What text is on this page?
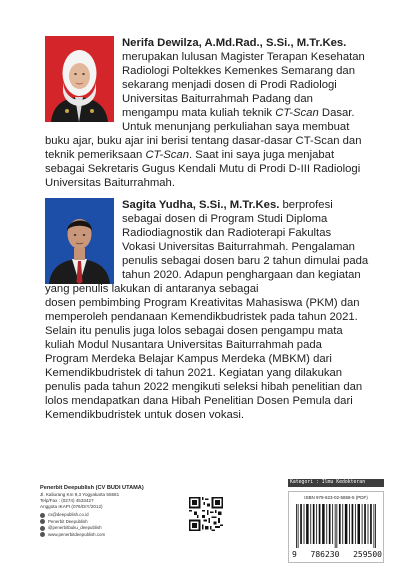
Nerifa Dewilza, A.Md.Rad., S.Si., M.Tr.Kes.
merupakan lulusan Magister Terapan Kesehatan
Radiologi Poltekkes Kemenkes Semarang dan
sekarang menjadi dosen di Prodi Radiologi
Universitas Baiturrahmah Padang dan
mengampu mata kuliah teknik CT-Scan Dasar.
Untuk menunjang perkuliahan saya membuat
buku ajar, buku ajar ini berisi tentang dasar-dasar CT-Scan dan
teknik pemeriksaan CT-Scan. Saat ini saya juga menjabat
sebagai Sekretaris Gugus Kendali Mutu di Prodi D-III Radiologi
Universitas Baiturrahmah.
Sagita Yudha, S.Si., M.Tr.Kes. berprofesi
sebagai dosen di Program Studi Diploma
Radiodiagnostik dan Radioterapi Fakultas
Vokasi Universitas Baiturrahmah. Pengalaman
penulis sebagai dosen baru 2 tahun dimulai pada
tahun 2020. Adapun penghargaan dan kegiatan
yang penulis lakukan di antaranya sebagai
dosen pembimbing Program Kreativitas Mahasiswa (PKM) dan
memperoleh pendanaan Kemendikbudristek pada tahun 2021.
Selain itu penulis juga lolos sebagai dosen pengampu mata
kuliah Modul Nusantara Universitas Baiturrahmah pada
Program Merdeka Belajar Kampus Merdeka (MBKM) dari
Kemendikbudristek di tahun 2021. Kegiatan yang dilakukan
penulis pada tahun 2022 mengikuti seleksi hibah penelitian dan
lolos mendapatkan dana Hibah Penelitian Dosen Pemula dari
Kemendikbudristek untuk dosen vokasi.
Penerbit Deepublish (CV BUDI UTAMA)
Jl. Kaliurang Km 9,3 Yogyakarta 55581
Telp/Fax : (0274) 4533427
Anggota IKAPI (076/DIY/2012)
cs@deepublish.co.id
Penerbit Deepublish
@penerbitbuku_deepublish
www.penerbitdeepublish.com
Kategori : Ilmu Kedokteran
ISBN 978-623-02-5858-5 (PDF)
9 786230 259500
